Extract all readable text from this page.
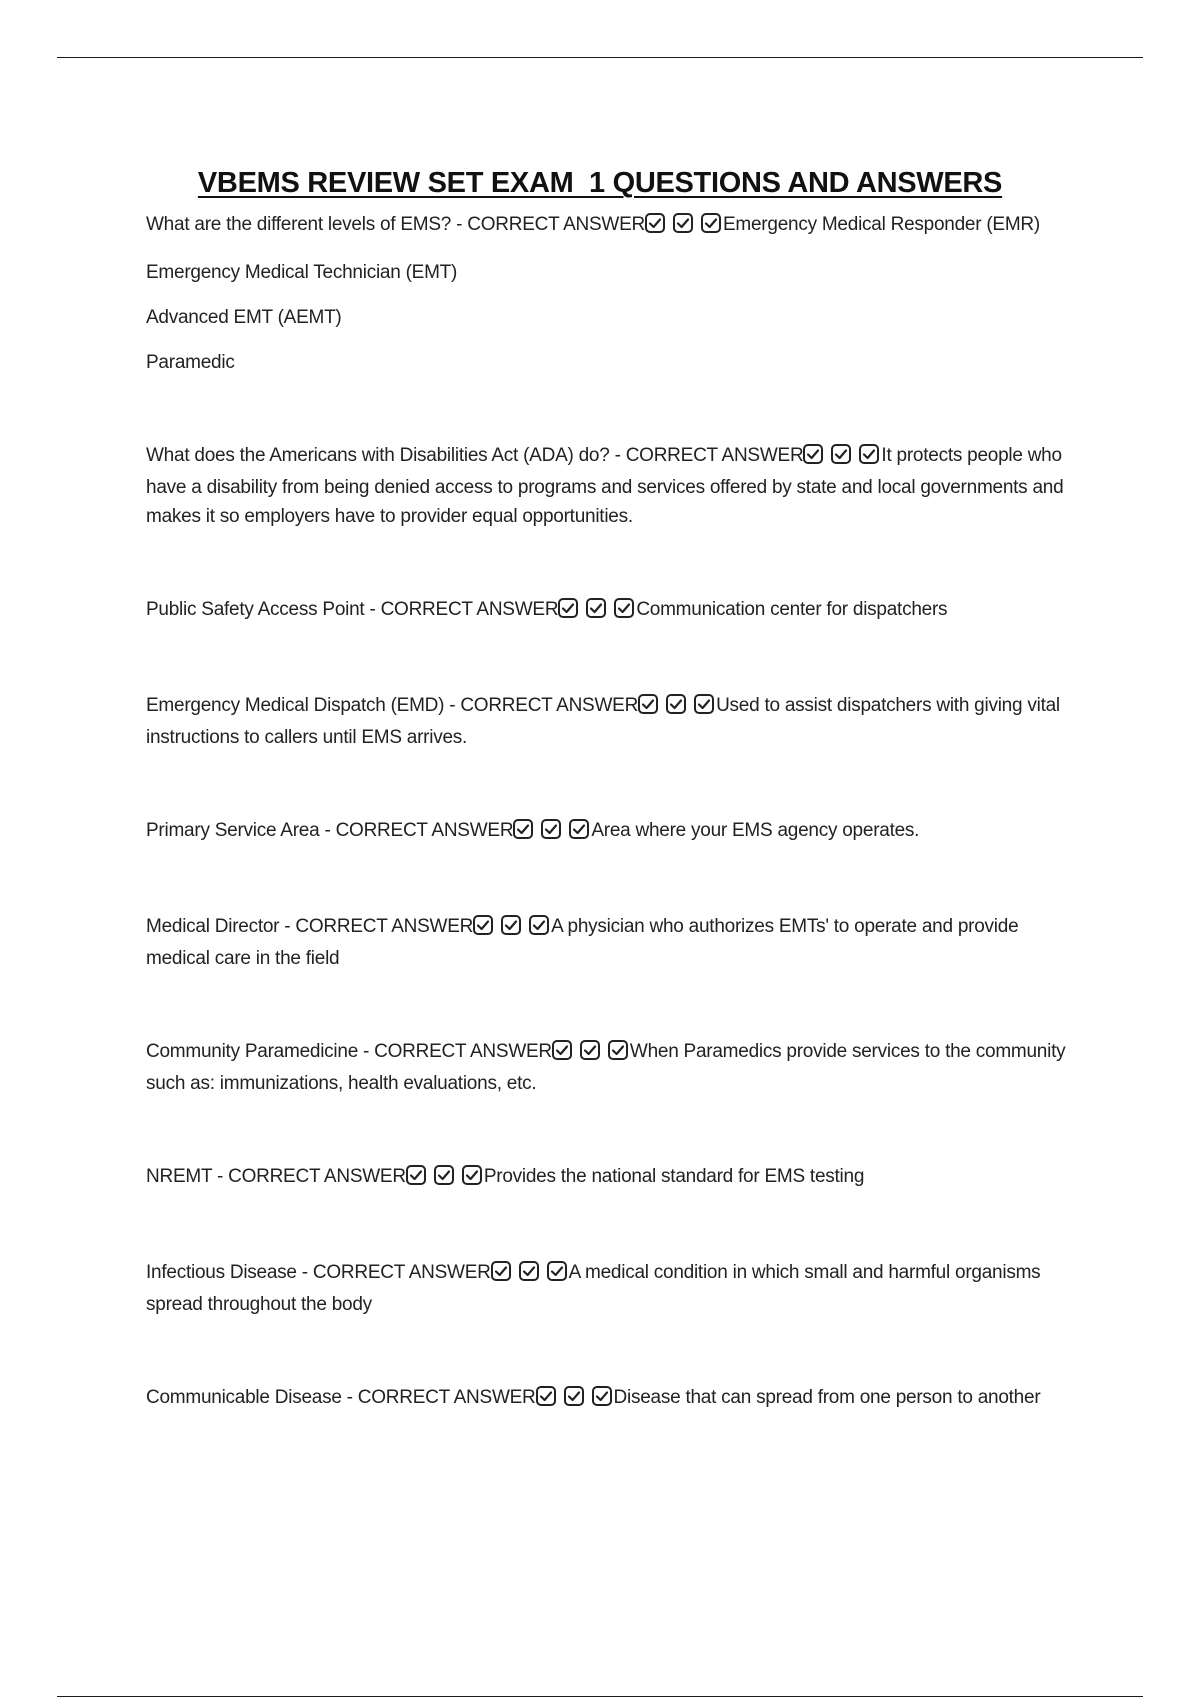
VBEMS REVIEW SET EXAM  1 QUESTIONS AND ANSWERS

What are the different levels of EMS? - CORRECT ANSWER	Emergency Medical Responder (EMR)

Emergency Medical Technician (EMT)

Advanced EMT (AEMT)

Paramedic

What does the Americans with Disabilities Act (ADA) do? - CORRECT ANSWER	It protects people who have a disability from being denied access to programs and services offered by state and local governments and makes it so employers have to provider equal opportunities.

Public Safety Access Point - CORRECT ANSWER	Communication center for dispatchers

Emergency Medical Dispatch (EMD) - CORRECT ANSWER	Used to assist dispatchers with giving vital instructions to callers until EMS arrives.

Primary Service Area - CORRECT ANSWER	Area where your EMS agency operates.

Medical Director - CORRECT ANSWER	A physician who authorizes EMTs' to operate and provide medical care in the field

Community Paramedicine - CORRECT ANSWER	When Paramedics provide services to the community such as: immunizations, health evaluations, etc.

NREMT - CORRECT ANSWER	Provides the national standard for EMS testing

Infectious Disease - CORRECT ANSWER	A medical condition in which small and harmful organisms spread throughout the body

Communicable Disease - CORRECT ANSWER	Disease that can spread from one person to another
